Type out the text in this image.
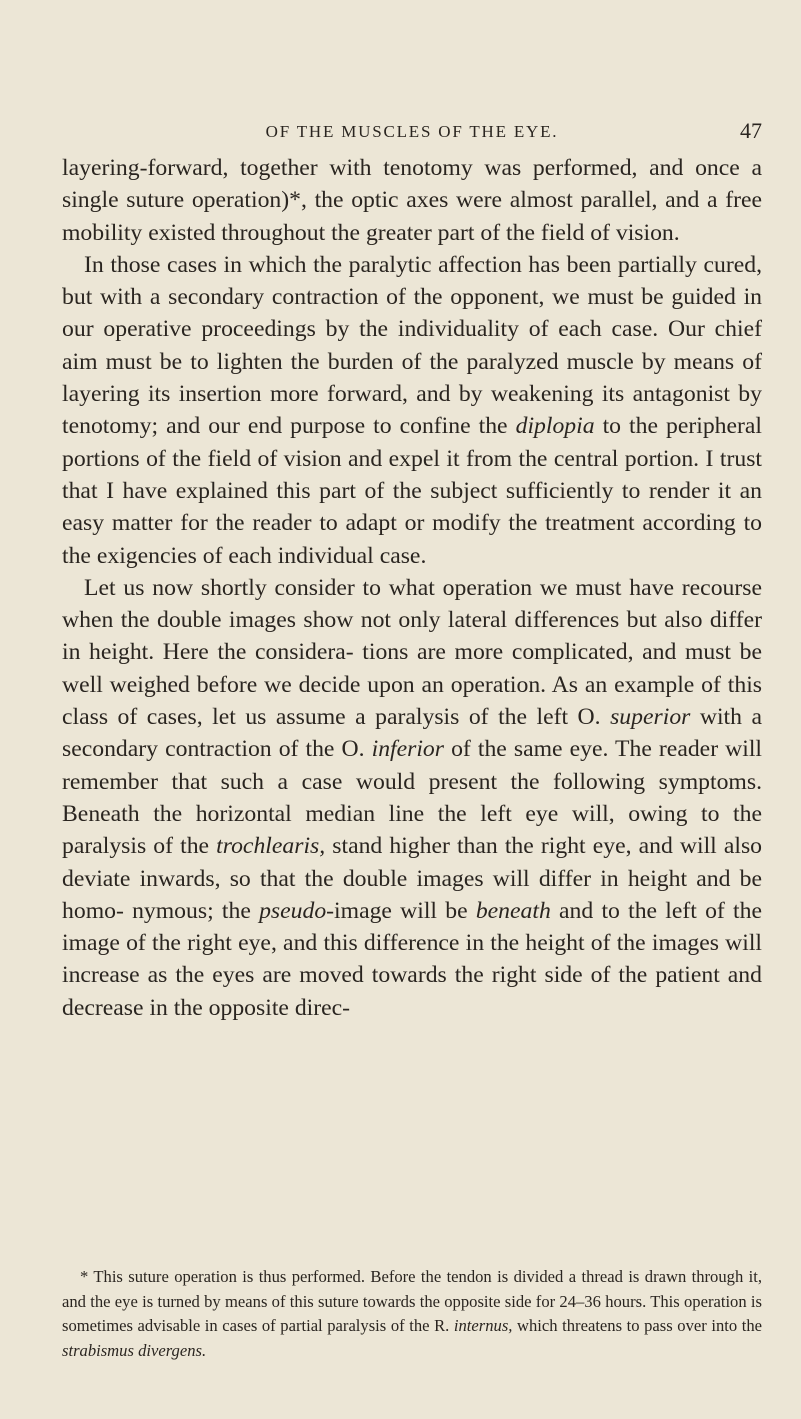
OF THE MUSCLES OF THE EYE.	47

layering-forward, together with tenotomy was performed, and once a single suture operation)*, the optic axes were almost parallel, and a free mobility existed throughout the greater part of the field of vision.

In those cases in which the paralytic affection has been partially cured, but with a secondary contraction of the opponent, we must be guided in our operative proceedings by the individuality of each case. Our chief aim must be to lighten the burden of the paralyzed muscle by means of layering its insertion more forward, and by weakening its antagonist by tenotomy; and our end purpose to confine the diplopia to the peripheral portions of the field of vision and expel it from the central portion. I trust that I have explained this part of the subject sufficiently to render it an easy matter for the reader to adapt or modify the treatment according to the exigencies of each individual case.

Let us now shortly consider to what operation we must have recourse when the double images show not only lateral differences but also differ in height. Here the considera- tions are more complicated, and must be well weighed before we decide upon an operation. As an example of this class of cases, let us assume a paralysis of the left O. superior with a secondary contraction of the O. inferior of the same eye. The reader will remember that such a case would present the following symptoms. Beneath the horizontal median line the left eye will, owing to the paralysis of the trochlearis, stand higher than the right eye, and will also deviate inwards, so that the double images will differ in height and be homo- nymous; the pseudo-image will be beneath and to the left of the image of the right eye, and this difference in the height of the images will increase as the eyes are moved towards the right side of the patient and decrease in the opposite direc-

* This suture operation is thus performed. Before the tendon is divided a thread is drawn through it, and the eye is turned by means of this suture towards the opposite side for 24–36 hours. This operation is sometimes advisable in cases of partial paralysis of the R. internus, which threatens to pass over into the strabismus divergens.
